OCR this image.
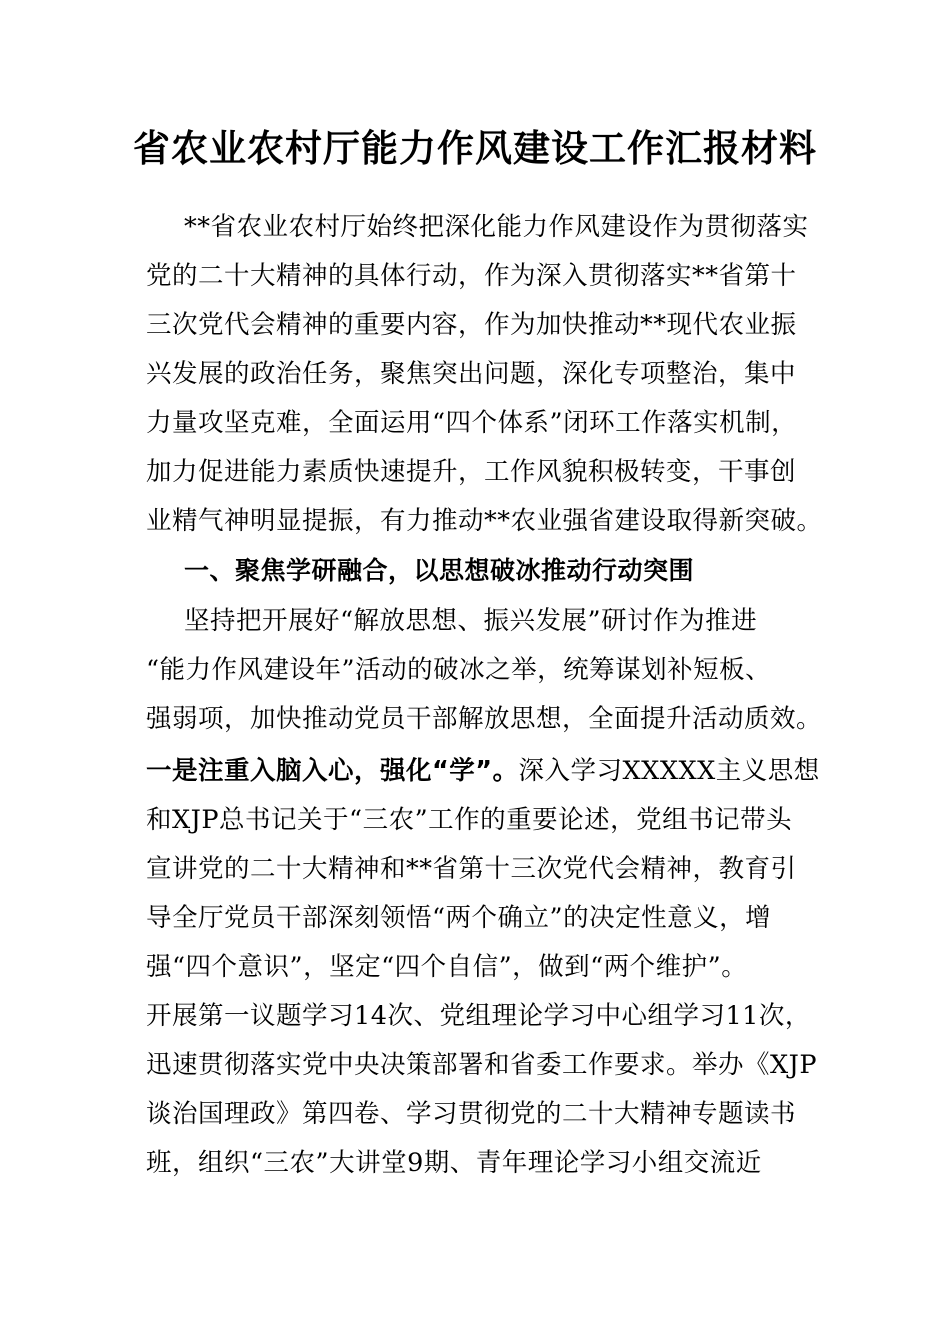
省农业农村厅能力作风建设工作汇报材料
**省农业农村厅始终把深化能力作风建设作为贯彻落实
党的二十大精神的具体行动，作为深入贯彻落实**省第十
三次党代会精神的重要内容，作为加快推动**现代农业振
兴发展的政治任务，聚焦突出问题，深化专项整治，集中
力量攻坚克难，全面运用“四个体系”闭环工作落实机制，
加力促进能力素质快速提升，工作风貌积极转变，干事创
业精气神明显提振，有力推动**农业强省建设取得新突破。
一、聚焦学研融合，以思想破冰推动行动突围
坚持把开展好“解放思想、振兴发展”研讨作为推进
“能力作风建设年”活动的破冰之举，统筹谋划补短板、
强弱项，加快推动党员干部解放思想，全面提升活动质效。
一是注重入脑入心，强化“学”。深入学习XXXXX主义思想
和XJP总书记关于“三农”工作的重要论述，党组书记带头
宣讲党的二十大精神和**省第十三次党代会精神，教育引
导全厅党员干部深刻领悟“两个确立”的决定性意义，增
强“四个意识”，坚定“四个自信”，做到“两个维护”。
开展第一议题学习14次、党组理论学习中心组学习11次，
迅速贯彻落实党中央决策部署和省委工作要求。举办《XJP
谈治国理政》第四卷、学习贯彻党的二十大精神专题读书
班，组织“三农”大讲堂9期、青年理论学习小组交流近
